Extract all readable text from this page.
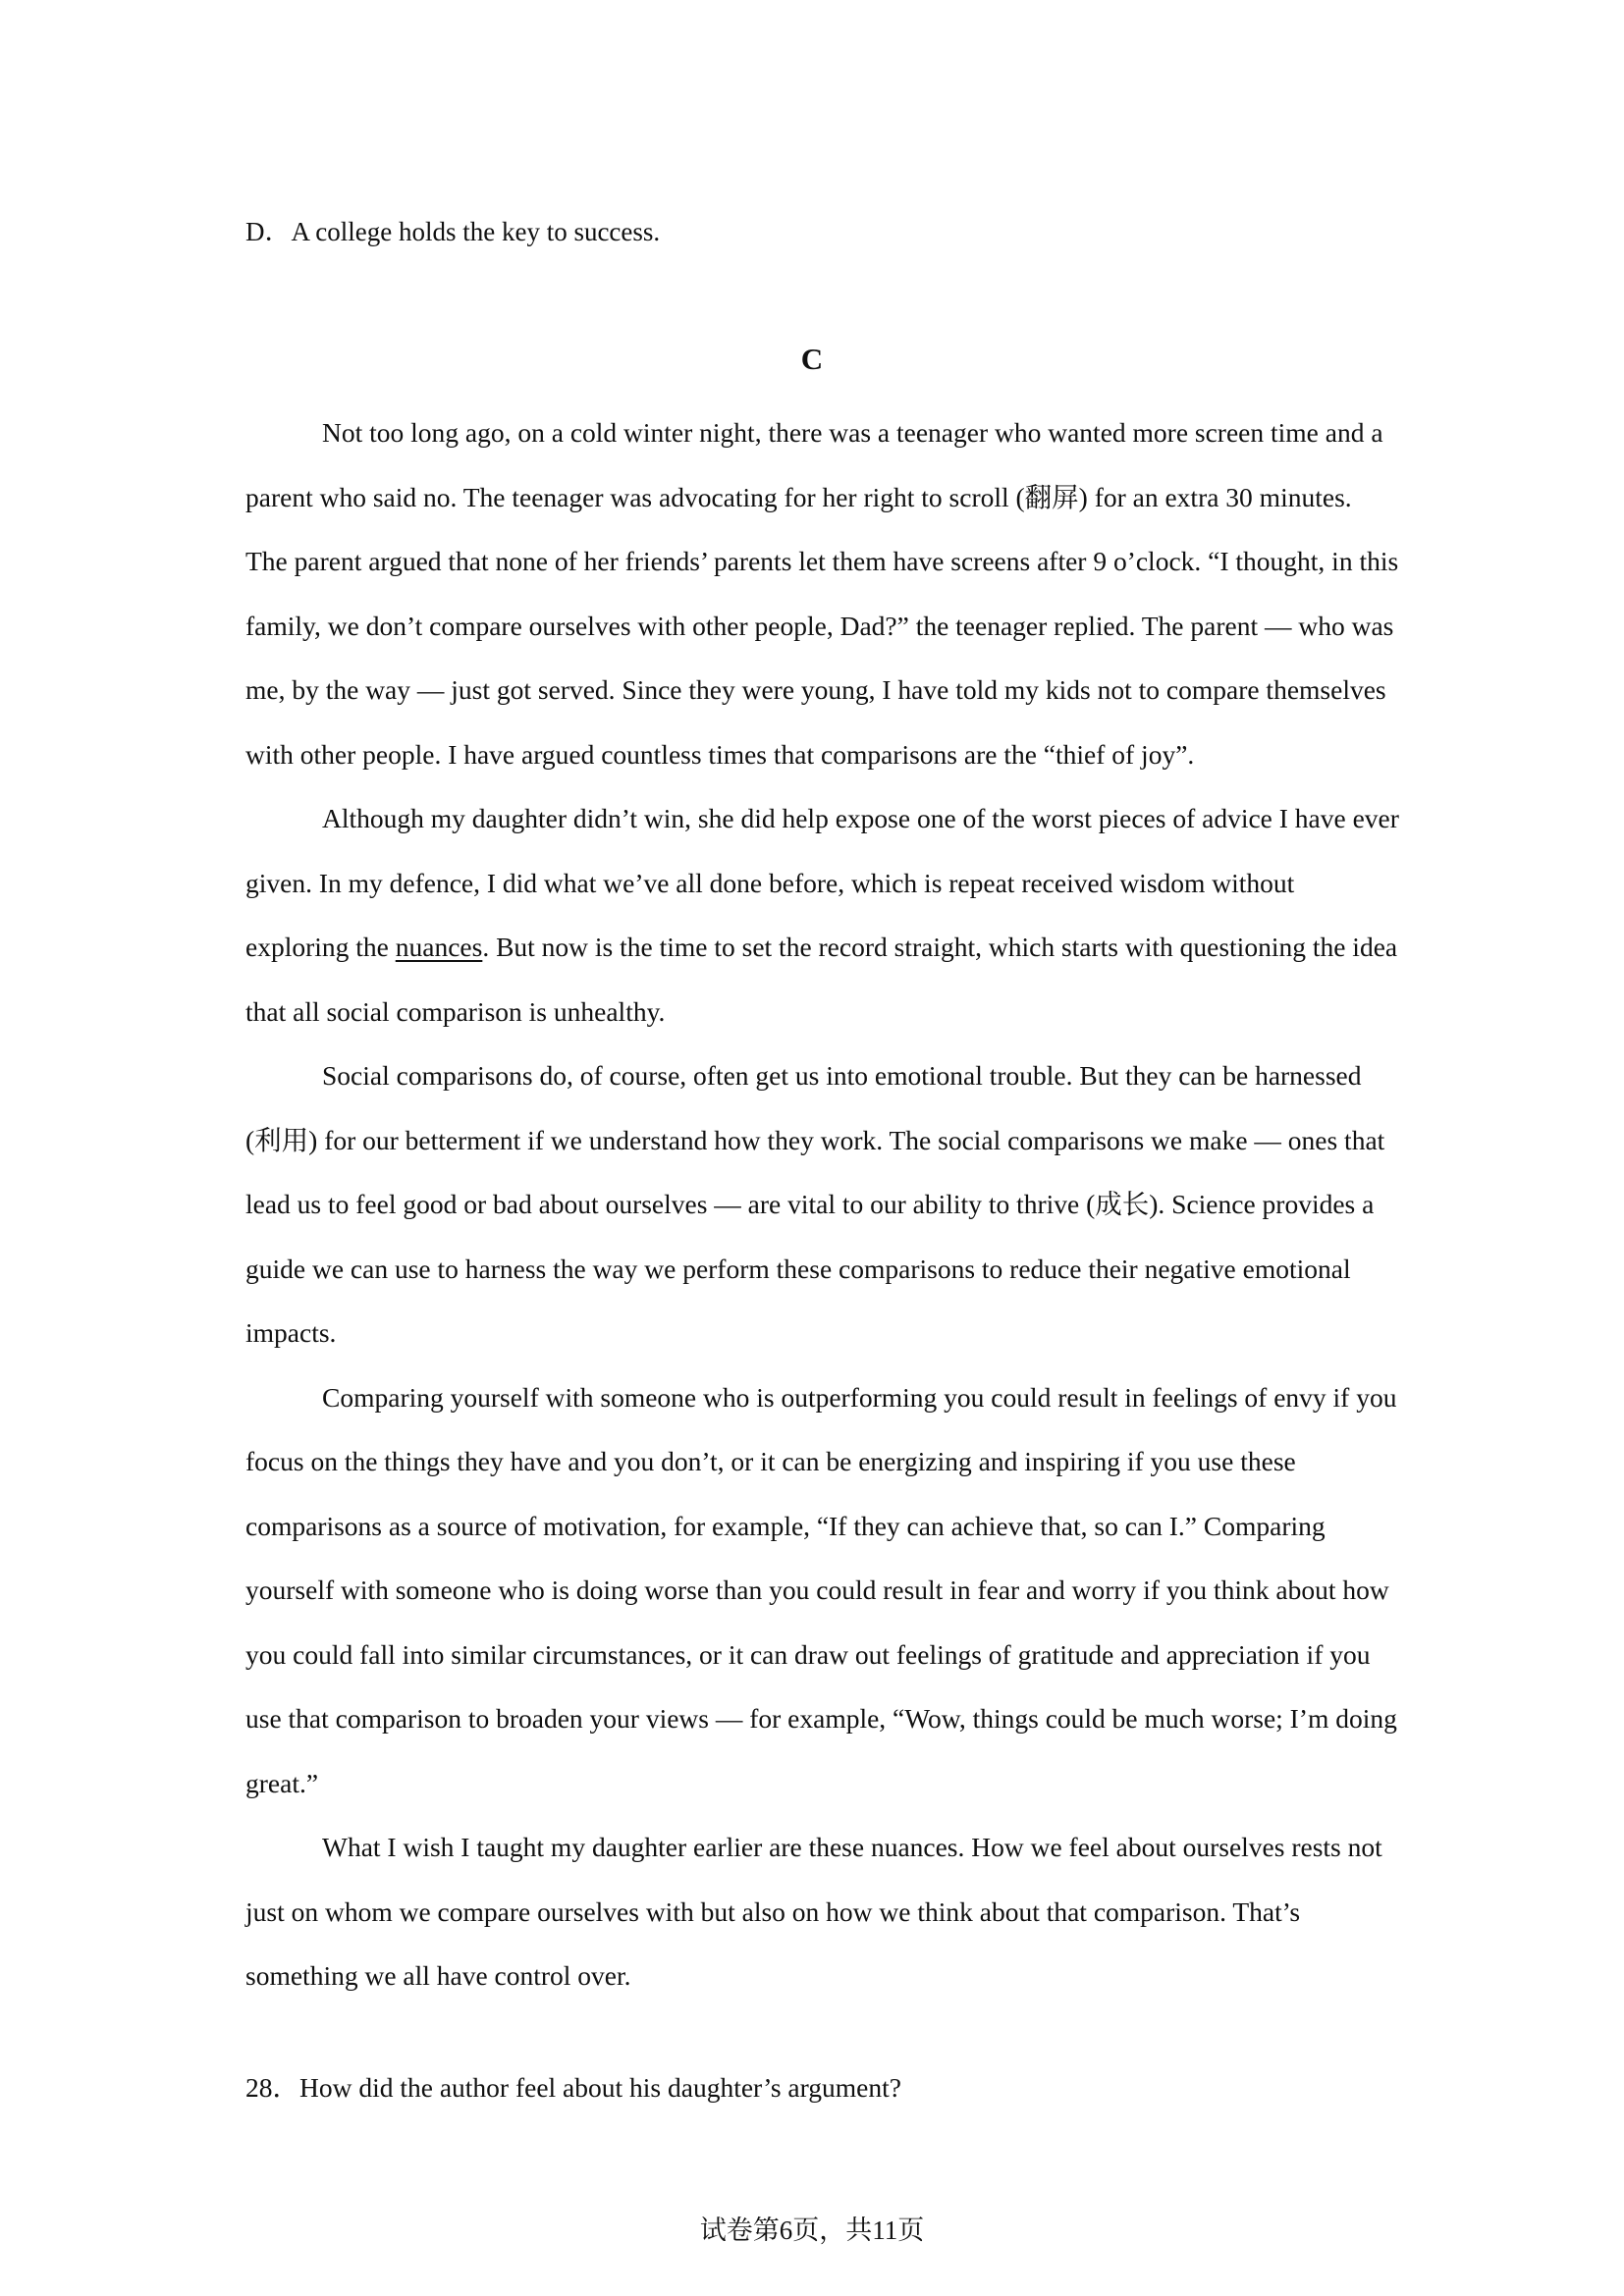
D．A college holds the key to success.
C

Not too long ago, on a cold winter night, there was a teenager who wanted more screen time and a parent who said no. The teenager was advocating for her right to scroll (翻屏) for an extra 30 minutes. The parent argued that none of her friends’ parents let them have screens after 9 o’clock. “I thought, in this family, we don’t compare ourselves with other people, Dad?” the teenager replied. The parent — who was me, by the way — just got served. Since they were young, I have told my kids not to compare themselves with other people. I have argued countless times that comparisons are the “thief of joy”.

Although my daughter didn’t win, she did help expose one of the worst pieces of advice I have ever given. In my defence, I did what we’ve all done before, which is repeat received wisdom without exploring the nuances. But now is the time to set the record straight, which starts with questioning the idea that all social comparison is unhealthy.

Social comparisons do, of course, often get us into emotional trouble. But they can be harnessed (利用) for our betterment if we understand how they work. The social comparisons we make — ones that lead us to feel good or bad about ourselves — are vital to our ability to thrive (成长). Science provides a guide we can use to harness the way we perform these comparisons to reduce their negative emotional impacts.

Comparing yourself with someone who is outperforming you could result in feelings of envy if you focus on the things they have and you don’t, or it can be energizing and inspiring if you use these comparisons as a source of motivation, for example, “If they can achieve that, so can I.” Comparing yourself with someone who is doing worse than you could result in fear and worry if you think about how you could fall into similar circumstances, or it can draw out feelings of gratitude and appreciation if you use that comparison to broaden your views — for example, “Wow, things could be much worse; I’m doing great.”

What I wish I taught my daughter earlier are these nuances. How we feel about ourselves rests not just on whom we compare ourselves with but also on how we think about that comparison. That’s something we all have control over.

28．How did the author feel about his daughter’s argument?
试卷第6页，共11页
